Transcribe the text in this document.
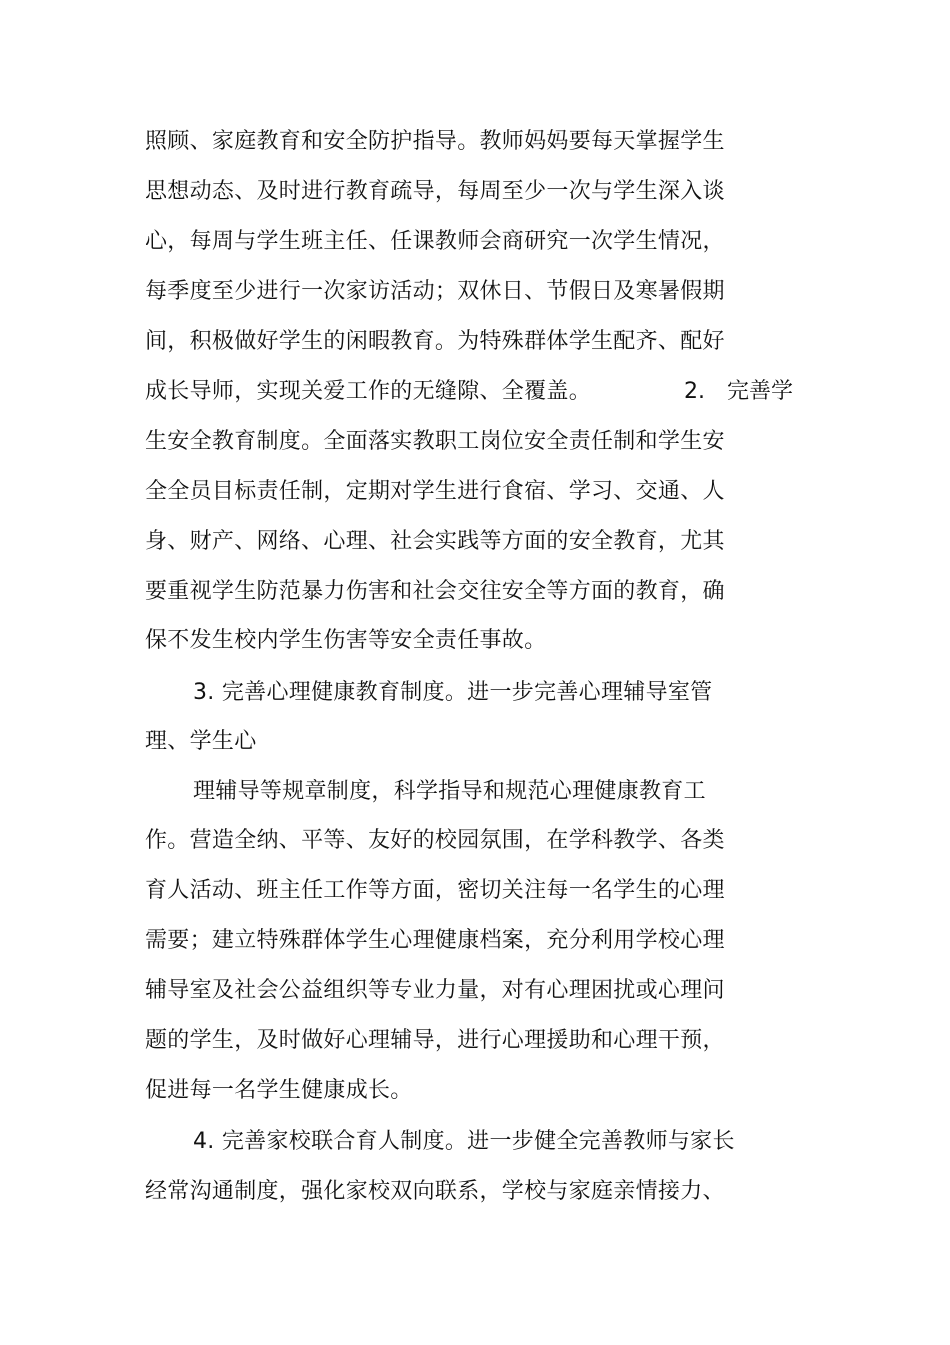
照顾、家庭教育和安全防护指导。教师妈妈要每天掌握学生
思想动态、及时进行教育疏导，每周至少一次与学生深入谈
心，每周与学生班主任、任课教师会商研究一次学生情况，
每季度至少进行一次家访活动；双休日、节假日及寒暑假期
间，积极做好学生的闲暇教育。为特殊群体学生配齐、配好
成长导师，实现关爱工作的无缝隙、全覆盖。	2.　完善学
生安全教育制度。全面落实教职工岗位安全责任制和学生安
全全员目标责任制，定期对学生进行食宿、学习、交通、人
身、财产、网络、心理、社会实践等方面的安全教育，尤其
要重视学生防范暴力伤害和社会交往安全等方面的教育，确
保不发生校内学生伤害等安全责任事故。
3. 完善心理健康教育制度。进一步完善心理辅导室管
理、学生心
理辅导等规章制度，科学指导和规范心理健康教育工
作。营造全纳、平等、友好的校园氛围，在学科教学、各类
育人活动、班主任工作等方面，密切关注每一名学生的心理
需要；建立特殊群体学生心理健康档案，充分利用学校心理
辅导室及社会公益组织等专业力量，对有心理困扰或心理问
题的学生，及时做好心理辅导，进行心理援助和心理干预，
促进每一名学生健康成长。
4. 完善家校联合育人制度。进一步健全完善教师与家长
经常沟通制度，强化家校双向联系，学校与家庭亲情接力、
